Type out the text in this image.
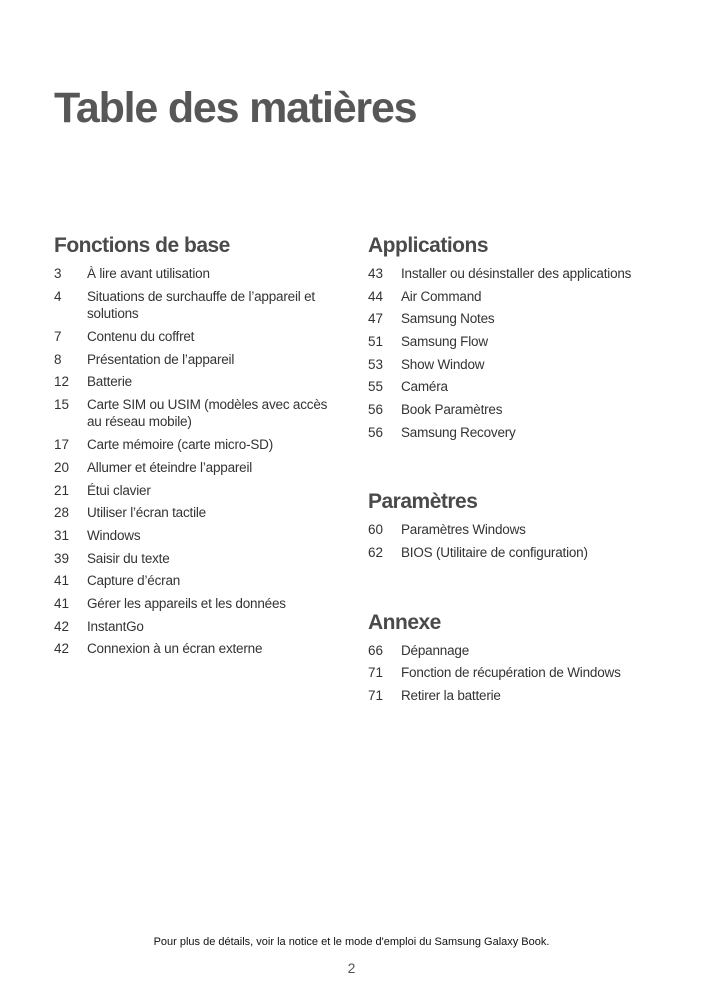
Table des matières
Fonctions de base
3	À lire avant utilisation
4	Situations de surchauffe de l’appareil et solutions
7	Contenu du coffret
8	Présentation de l’appareil
12	Batterie
15	Carte SIM ou USIM (modèles avec accès au réseau mobile)
17	Carte mémoire (carte micro-SD)
20	Allumer et éteindre l’appareil
21	Étui clavier
28	Utiliser l’écran tactile
31	Windows
39	Saisir du texte
41	Capture d’écran
41	Gérer les appareils et les données
42	InstantGo
42	Connexion à un écran externe
Applications
43	Installer ou désinstaller des applications
44	Air Command
47	Samsung Notes
51	Samsung Flow
53	Show Window
55	Caméra
56	Book Paramètres
56	Samsung Recovery
Paramètres
60	Paramètres Windows
62	BIOS (Utilitaire de configuration)
Annexe
66	Dépannage
71	Fonction de récupération de Windows
71	Retirer la batterie
Pour plus de détails, voir la notice et le mode d'emploi du Samsung Galaxy Book.
2
